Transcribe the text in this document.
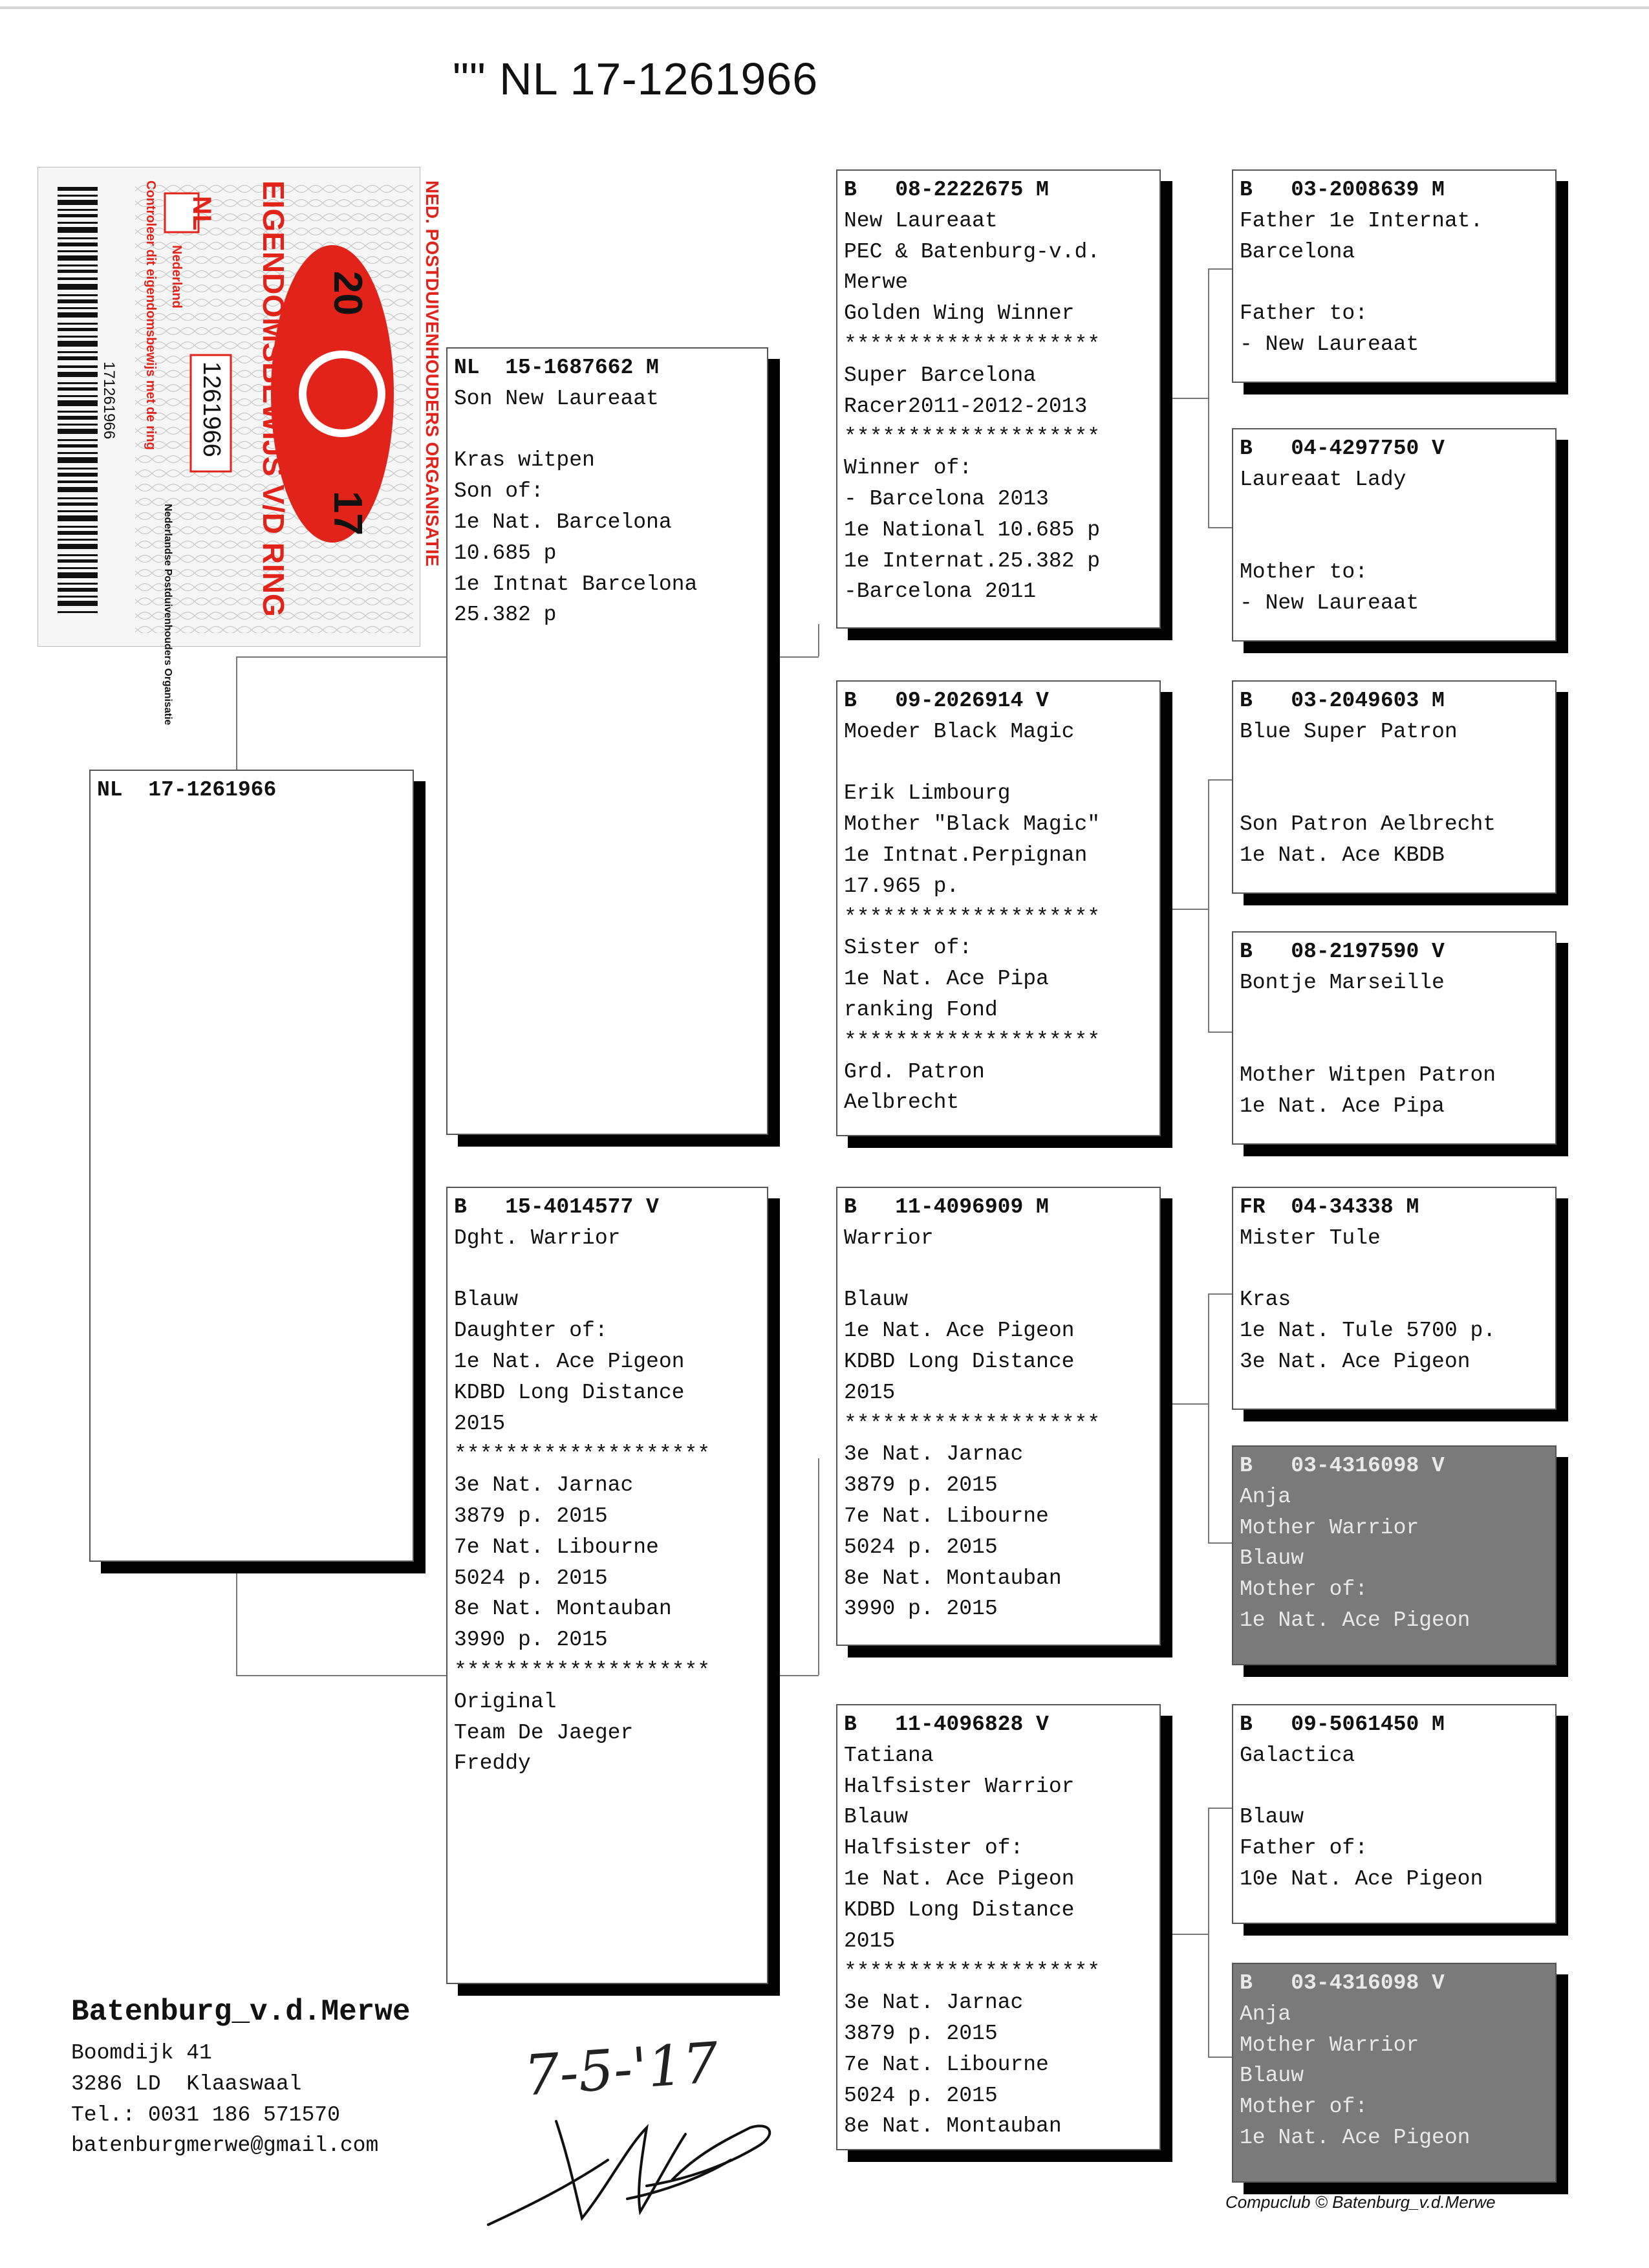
"" NL 17-1261966
NED. POSTDUIVENHOUDERS ORGANISATIE
EIGENDOMSBEWIJS V/D RING 20
17
Controleer dit eigendomsbewijs met de ring NL
Nederland
1261966
171261966
Nederlandse Postduivenhouders Organisatie
NL  17-1261966
NL  15-1687662 M
Son New Laureaat

Kras witpen
Son of:
1e Nat. Barcelona
10.685 p
1e Intnat Barcelona
25.382 p
B   15-4014577 V
Dght. Warrior

Blauw
Daughter of:
1e Nat. Ace Pigeon
KDBD Long Distance
2015
********************
3e Nat. Jarnac
3879 p. 2015
7e Nat. Libourne
5024 p. 2015
8e Nat. Montauban
3990 p. 2015
********************
Original
Team De Jaeger
Freddy
B   08-2222675 M
New Laureaat
PEC & Batenburg-v.d.
Merwe
Golden Wing Winner
********************
Super Barcelona
Racer2011-2012-2013
********************
Winner of:
- Barcelona 2013
1e National 10.685 p
1e Internat.25.382 p
-Barcelona 2011
B   09-2026914 V
Moeder Black Magic

Erik Limbourg
Mother "Black Magic"
1e Intnat.Perpignan
17.965 p.
********************
Sister of:
1e Nat. Ace Pipa
ranking Fond
********************
Grd. Patron
Aelbrecht
B   11-4096909 M
Warrior

Blauw
1e Nat. Ace Pigeon
KDBD Long Distance
2015
********************
3e Nat. Jarnac
3879 p. 2015
7e Nat. Libourne
5024 p. 2015
8e Nat. Montauban
3990 p. 2015
B   11-4096828 V
Tatiana
Halfsister Warrior
Blauw
Halfsister of:
1e Nat. Ace Pigeon
KDBD Long Distance
2015
********************
3e Nat. Jarnac
3879 p. 2015
7e Nat. Libourne
5024 p. 2015
8e Nat. Montauban
B   03-2008639 M
Father 1e Internat.
Barcelona

Father to:
- New Laureaat
B   04-4297750 V
Laureaat Lady

Mother to:
- New Laureaat
B   03-2049603 M
Blue Super Patron

Son Patron Aelbrecht
1e Nat. Ace KBDB
B   08-2197590 V
Bontje Marseille

Mother Witpen Patron
1e Nat. Ace Pipa
FR  04-34338 M
Mister Tule

Kras
1e Nat. Tule 5700 p.
3e Nat. Ace Pigeon
B   03-4316098 V
Anja
Mother Warrior
Blauw
Mother of:
1e Nat. Ace Pigeon
B   09-5061450 M
Galactica

Blauw
Father of:
10e Nat. Ace Pigeon
B   03-4316098 V
Anja
Mother Warrior
Blauw
Mother of:
1e Nat. Ace Pigeon
Batenburg_v.d.Merwe
Boomdijk 41
3286 LD  Klaaswaal
Tel.: 0031 186 571570
batenburgmerwe@gmail.com
7-5-'17
Compuclub © Batenburg_v.d.Merwe
